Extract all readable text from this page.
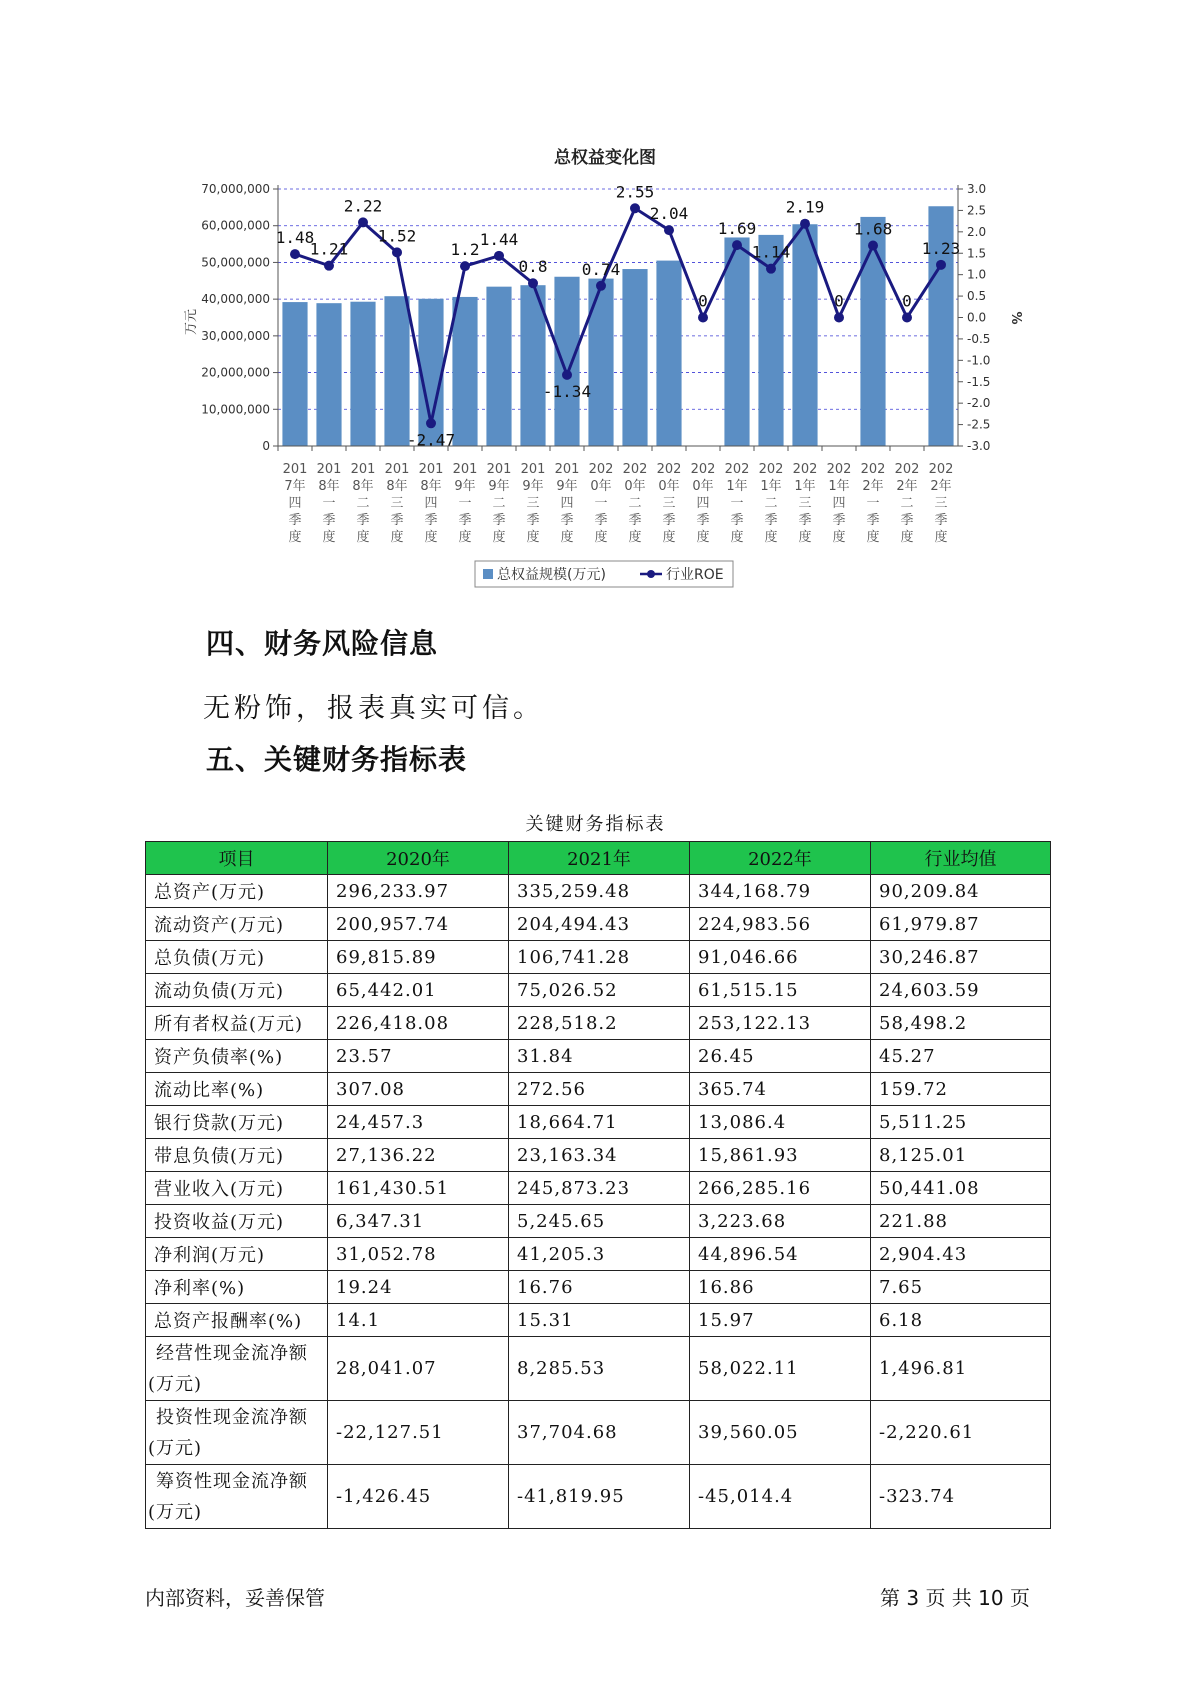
总权益变化图
70,000,000
60,000,000
50,000,000
40,000,000
30,000,000
20,000,000
10,000,000
0
3.0
2.5
2.0
1.5
1.0
0.5
0.0
-0.5
-1.0
-1.5
-2.0
-2.5
-3.0
1.48
1.21
2.22
1.52
-2.47
1.2
1.44
0.8
-1.34
0.74
2.55
2.04
0
1.69
1.14
2.19
0
1.68
0
1.23
201
7年
四
季
度
201
8年
一
季
度
201
8年
二
季
度
201
8年
三
季
度
201
8年
四
季
度
201
9年
一
季
度
201
9年
二
季
度
201
9年
三
季
度
201
9年
四
季
度
202
0年
一
季
度
202
0年
二
季
度
202
0年
三
季
度
202
0年
四
季
度
202
1年
一
季
度
202
1年
二
季
度
202
1年
三
季
度
202
1年
四
季
度
202
2年
一
季
度
202
2年
二
季
度
202
2年
三
季
度
万元	%
总权益规模(万元)	行业ROE
四、财务风险信息

无粉饰，报表真实可信。

五、关键财务指标表

关键财务指标表

项目	2020年	2021年	2022年	行业均值
总资产(万元)	296,233.97	335,259.48	344,168.79	90,209.84
流动资产(万元)	200,957.74	204,494.43	224,983.56	61,979.87
总负债(万元)	69,815.89	106,741.28	91,046.66	30,246.87
流动负债(万元)	65,442.01	75,026.52	61,515.15	24,603.59
所有者权益(万元)	226,418.08	228,518.2	253,122.13	58,498.2
资产负债率(%)	23.57	31.84	26.45	45.27
流动比率(%)	307.08	272.56	365.74	159.72
银行贷款(万元)	24,457.3	18,664.71	13,086.4	5,511.25
带息负债(万元)	27,136.22	23,163.34	15,861.93	8,125.01
营业收入(万元)	161,430.51	245,873.23	266,285.16	50,441.08
投资收益(万元)	6,347.31	5,245.65	3,223.68	221.88
净利润(万元)	31,052.78	41,205.3	44,896.54	2,904.43
净利率(%)	19.24	16.76	16.86	7.65
总资产报酬率(%)	14.1	15.31	15.97	6.18

经营性现金流净额
(万元)	28,041.07	8,285.53	58,022.11	1,496.81

投资性现金流净额
(万元)	-22,127.51	37,704.68	39,560.05	-2,220.61

筹资性现金流净额
(万元)	-1,426.45	-41,819.95	-45,014.4	-323.74
内部资料，妥善保管	第 3 页 共 10 页
